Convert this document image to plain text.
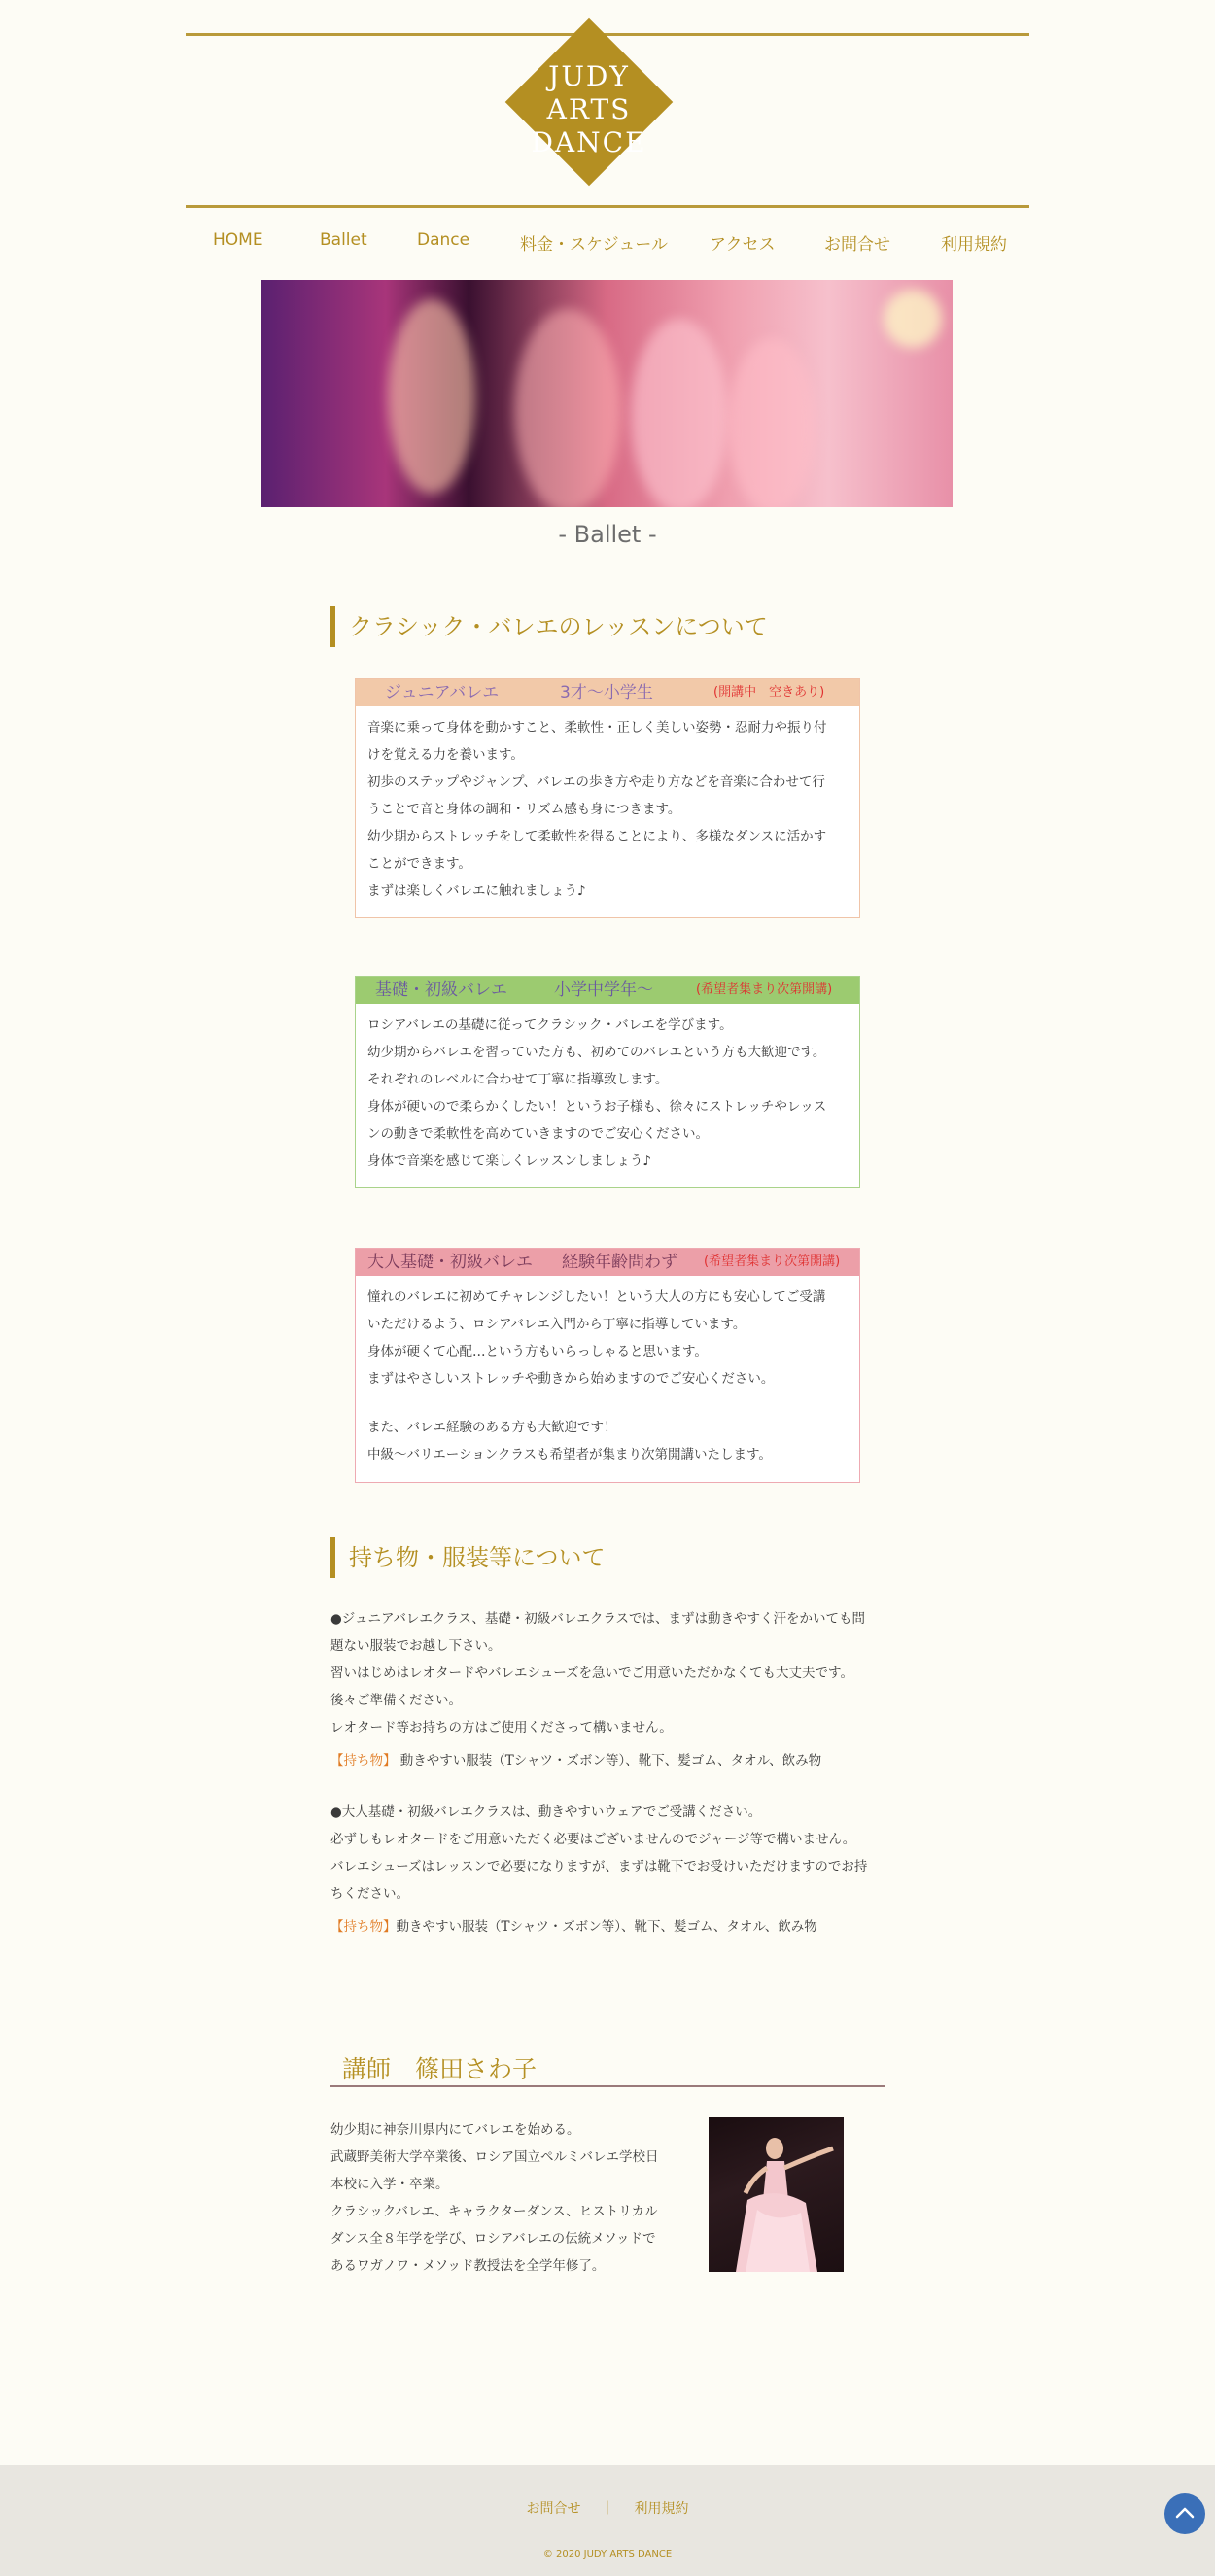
JUDY
ARTS
DANCE
HOME	Ballet	Dance	料金・スケジュール	アクセス	お問合せ	利用規約
- Ballet -
クラシック・バレエのレッスンについて
ジュニアバレエ	3才〜小学生	(開講中　空きあり)

音楽に乗って身体を動かすこと、柔軟性・正しく美しい姿勢・忍耐力や振り付

けを覚える力を養います。

初歩のステップやジャンプ、バレエの歩き方や走り方などを音楽に合わせて行

うことで音と身体の調和・リズム感も身につきます。

幼少期からストレッチをして柔軟性を得ることにより、多様なダンスに活かす

ことができます。

まずは楽しくバレエに触れましょう♪

基礎・初級バレエ	小学中学年〜	(希望者集まり次第開講)

ロシアバレエの基礎に従ってクラシック・バレエを学びます。

幼少期からバレエを習っていた方も、初めてのバレエという方も大歓迎です。

それぞれのレベルに合わせて丁寧に指導致します。

身体が硬いので柔らかくしたい！というお子様も、徐々にストレッチやレッス

ンの動きで柔軟性を高めていきますのでご安心ください。

身体で音楽を感じて楽しくレッスンしましょう♪

大人基礎・初級バレエ 経験年齢問わず (希望者集まり次第開講)

憧れのバレエに初めてチャレンジしたい！という大人の方にも安心してご受講

いただけるよう、ロシアバレエ入門から丁寧に指導しています。

身体が硬くて心配…という方もいらっしゃると思います。

まずはやさしいストレッチや動きから始めますのでご安心ください。

また、バレエ経験のある方も大歓迎です！

中級〜バリエーションクラスも希望者が集まり次第開講いたします。

持ち物・服装等について

●ジュニアバレエクラス、基礎・初級バレエクラスでは、まずは動きやすく汗をかいても問

題ない服装でお越し下さい。

習いはじめはレオタードやバレエシューズを急いでご用意いただかなくても大丈夫です。

後々ご準備ください。

レオタード等お持ちの方はご使用くださって構いません。

【持ち物】 動きやすい服装（Tシャツ・ズボン等）、靴下、髪ゴム、タオル、飲み物

●大人基礎・初級バレエクラスは、動きやすいウェアでご受講ください。

必ずしもレオタードをご用意いただく必要はございませんのでジャージ等で構いません。

バレエシューズはレッスンで必要になりますが、まずは靴下でお受けいただけますのでお持

ちください。

【持ち物】動きやすい服装（Tシャツ・ズボン等）、靴下、髪ゴム、タオル、飲み物

講師　篠田さわ子

幼少期に神奈川県内にてバレエを始める。

武蔵野美術大学卒業後、ロシア国立ペルミバレエ学校日

本校に入学・卒業。

クラシックバレエ、キャラクターダンス、ヒストリカル

ダンス全８年学を学び、ロシアバレエの伝統メソッドで

あるワガノワ・メソッド教授法を全学年修了。

お問合せ ｜ 利用規約
© 2020 JUDY ARTS DANCE
